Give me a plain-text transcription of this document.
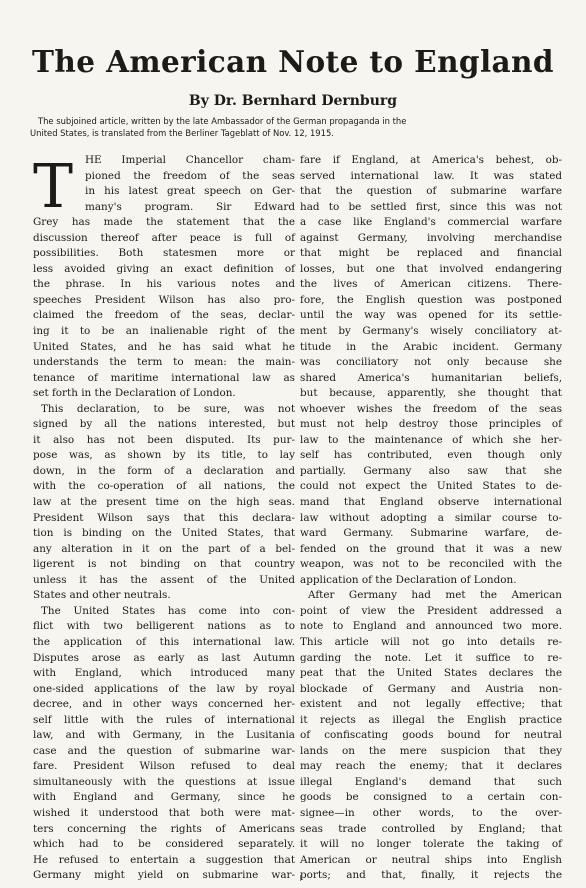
The American Note to England
By Dr. Bernhard Dernburg
The subjoined article, written by the late Ambassador of the German propaganda in the
United States, is translated from the Berliner Tageblatt of Nov. 12, 1915.
T	HE Imperial Chancellor cham-
pioned the freedom of the seas
in his latest great speech on Ger-
many's program. Sir Edward
Grey has made the statement that the
discussion thereof after peace is full of
possibilities. Both statesmen more or
less avoided giving an exact definition of
the phrase. In his various notes and
speeches President Wilson has also pro-
claimed the freedom of the seas, declar-
ing it to be an inalienable right of the
United States, and he has said what he
understands the term to mean: the main-
tenance of maritime international law as
set forth in the Declaration of London.
This declaration, to be sure, was not
signed by all the nations interested, but
it also has not been disputed. Its pur-
pose was, as shown by its title, to lay
down, in the form of a declaration and
with the co-operation of all nations, the
law at the present time on the high seas.
President Wilson says that this declara-
tion is binding on the United States, that
any alteration in it on the part of a bel-
ligerent is not binding on that country
unless it has the assent of the United
States and other neutrals.
The United States has come into con-
flict with two belligerent nations as to
the application of this international law.
Disputes arose as early as last Autumn
with England, which introduced many
one-sided applications of the law by royal
decree, and in other ways concerned her-
self little with the rules of international
law, and with Germany, in the Lusitania
case and the question of submarine war-
fare. President Wilson refused to deal
simultaneously with the questions at issue
with England and Germany, since he
wished it understood that both were mat-
ters concerning the rights of Americans
which had to be considered separately.
He refused to entertain a suggestion that
Germany might yield on submarine war-
fare if England, at America's behest, ob-
served international law. It was stated
that the question of submarine warfare
had to be settled first, since this was not
a case like England's commercial warfare
against Germany, involving merchandise
that might be replaced and financial
losses, but one that involved endangering
the lives of American citizens. There-
fore, the English question was postponed
until the way was opened for its settle-
ment by Germany's wisely conciliatory at-
titude in the Arabic incident. Germany
was conciliatory not only because she
shared America's humanitarian beliefs,
but because, apparently, she thought that
whoever wishes the freedom of the seas
must not help destroy those principles of
law to the maintenance of which she her-
self has contributed, even though only
partially. Germany also saw that she
could not expect the United States to de-
mand that England observe international
law without adopting a similar course to-
ward Germany. Submarine warfare, de-
fended on the ground that it was a new
weapon, was not to be reconciled with the
application of the Declaration of London.
After Germany had met the American
point of view the President addressed a
note to England and announced two more.
This article will not go into details re-
garding the note. Let it suffice to re-
peat that the United States declares the
blockade of Germany and Austria non-
existent and not legally effective; that
it rejects as illegal the English practice
of confiscating goods bound for neutral
lands on the mere suspicion that they
may reach the enemy; that it declares
illegal England's demand that such
goods be consigned to a certain con-
signee—in other words, to the over-
seas trade controlled by England; that
it will no longer tolerate the taking of
American or neutral ships into English
ports; and that, finally, it rejects the
